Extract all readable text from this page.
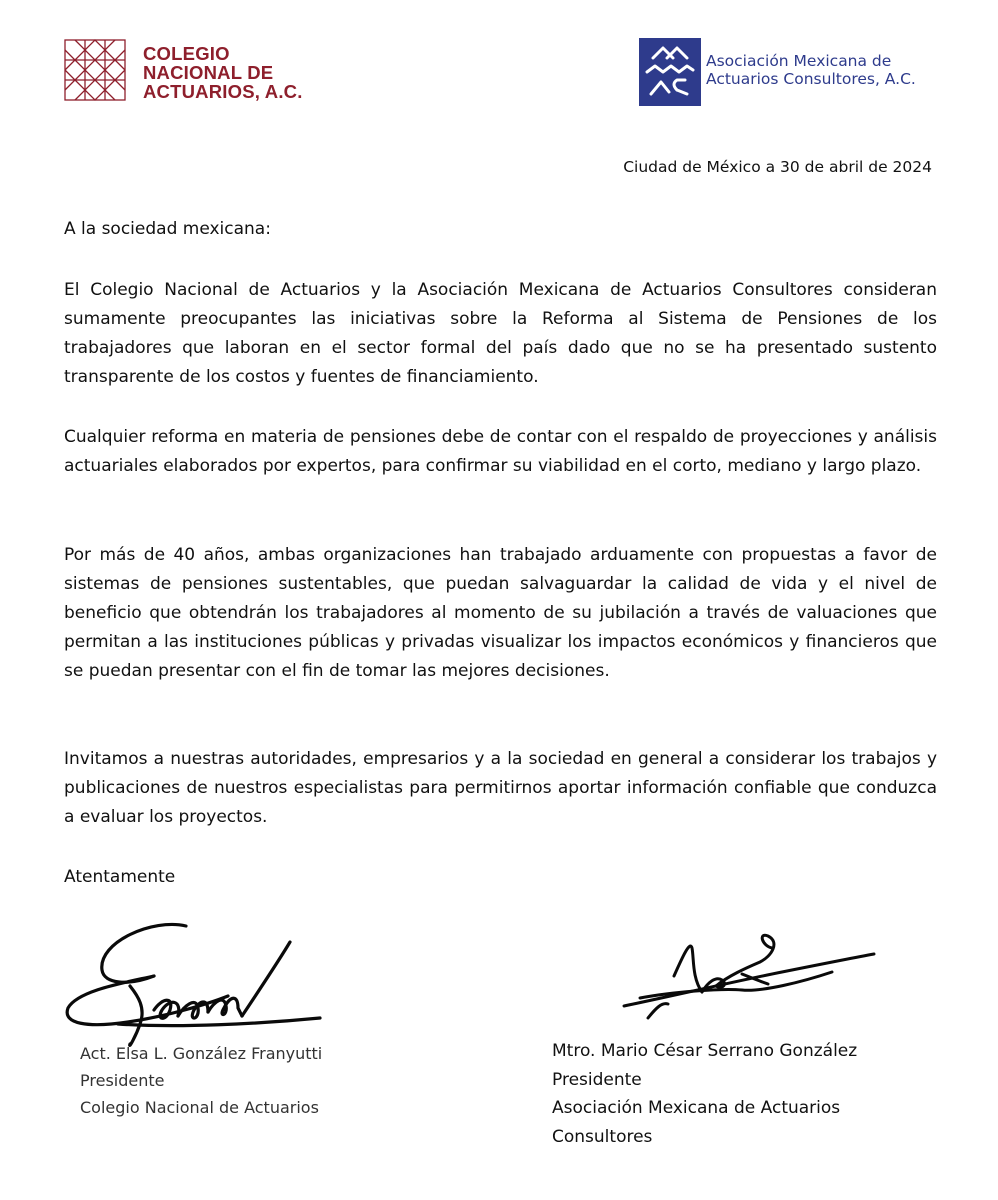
COLEGIO
NACIONAL DE
ACTUARIOS, A.C.
Asociación Mexicana de
Actuarios Consultores, A.C.
Ciudad de México a 30 de abril de 2024

A la sociedad mexicana:

El Colegio Nacional de Actuarios y la Asociación Mexicana de Actuarios Consultores consideran sumamente preocupantes las iniciativas sobre la Reforma al Sistema de Pensiones de los trabajadores que laboran en el sector formal del país dado que no se ha presentado sustento transparente de los costos y fuentes de financiamiento.

Cualquier reforma en materia de pensiones debe de contar con el respaldo de proyecciones y análisis actuariales elaborados por expertos, para confirmar su viabilidad en el corto, mediano y largo plazo.

Por más de 40 años, ambas organizaciones han trabajado arduamente con propuestas a favor de sistemas de pensiones sustentables, que puedan salvaguardar la calidad de vida y el nivel de beneficio que obtendrán los trabajadores al momento de su jubilación a través de valuaciones que permitan a las instituciones públicas y privadas visualizar los impactos económicos y financieros que se puedan presentar con el fin de tomar las mejores decisiones.

Invitamos a nuestras autoridades, empresarios y a la sociedad en general a considerar los trabajos y publicaciones de nuestros especialistas para permitirnos aportar información confiable que conduzca a evaluar los proyectos.

Atentamente

Act. Elsa L. González Franyutti
Presidente
Colegio Nacional de Actuarios
Mtro. Mario César Serrano González
Presidente
Asociación Mexicana de Actuarios
Consultores
